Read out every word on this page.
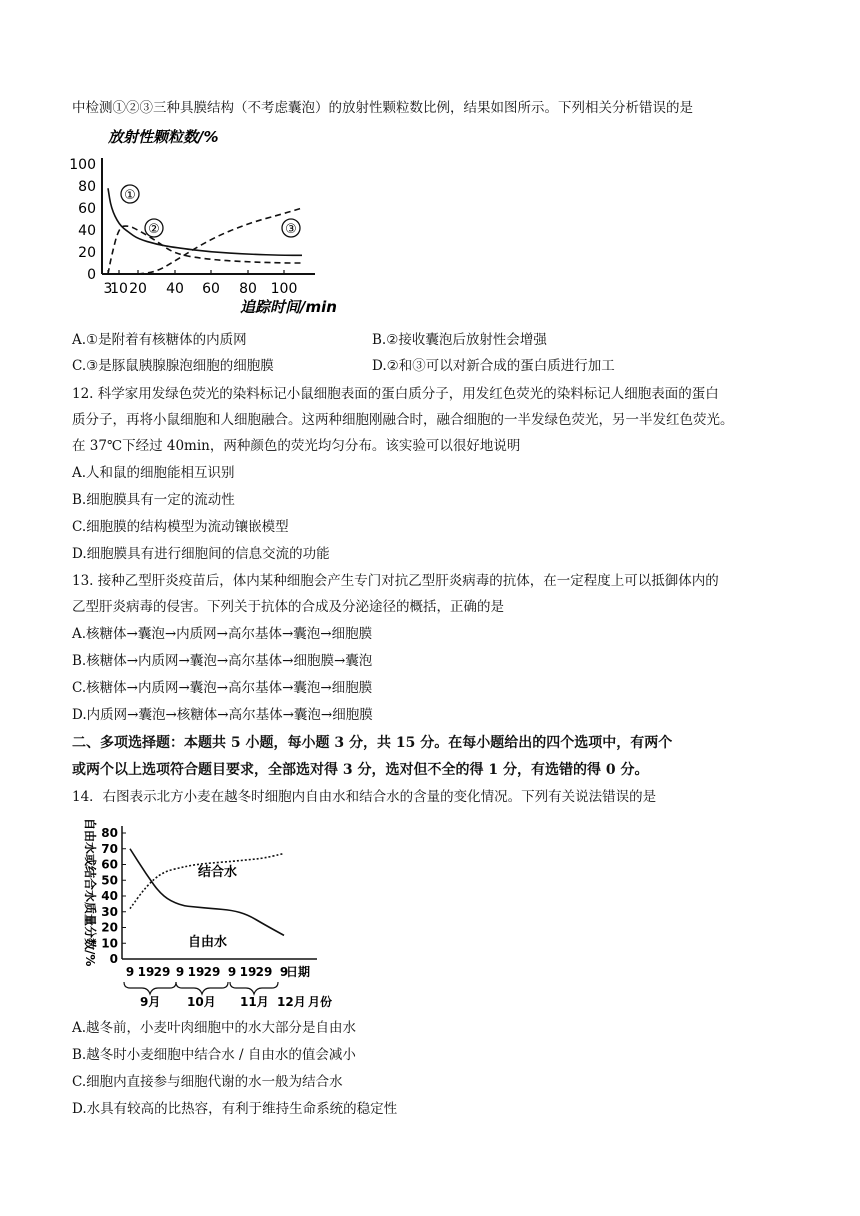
中检测①②③三种具膜结构（不考虑囊泡）的放射性颗粒数比例，结果如图所示。下列相关分析错误的是
放射性颗粒数/%
100
80
60
40
20
0
3
10 20 40 60 80 100
①
②	③
追踪时间/min
A.①是附着有核糖体的内质网	B.②接收囊泡后放射性会增强
C.③是豚鼠胰腺腺泡细胞的细胞膜	D.②和③可以对新合成的蛋白质进行加工
12. 科学家用发绿色荧光的染料标记小鼠细胞表面的蛋白质分子，用发红色荧光的染料标记人细胞表面的蛋白
质分子，再将小鼠细胞和人细胞融合。这两种细胞刚融合时，融合细胞的一半发绿色荧光，另一半发红色荧光。
在 37℃下经过 40min，两种颜色的荧光均匀分布。该实验可以很好地说明
A.人和鼠的细胞能相互识别
B.细胞膜具有一定的流动性
C.细胞膜的结构模型为流动镶嵌模型
D.细胞膜具有进行细胞间的信息交流的功能
13. 接种乙型肝炎疫苗后，体内某种细胞会产生专门对抗乙型肝炎病毒的抗体，在一定程度上可以抵御体内的
乙型肝炎病毒的侵害。下列关于抗体的合成及分泌途径的概括，正确的是
A.核糖体→囊泡→内质网→高尔基体→囊泡→细胞膜
B.核糖体→内质网→囊泡→高尔基体→细胞膜→囊泡
C.核糖体→内质网→囊泡→高尔基体→囊泡→细胞膜
D.内质网→囊泡→核糖体→高尔基体→囊泡→细胞膜
二、多项选择题：本题共 5 小题，每小题 3 分，共 15 分。在每小题给出的四个选项中，有两个
或两个以上选项符合题目要求，全部选对得 3 分，选对但不全的得 1 分，有选错的得 0 分。
14．右图表示北方小麦在越冬时细胞内自由水和结合水的含量的变化情况。下列有关说法错误的是
自由水或结合水质量分数/% 80
70
60
50
40
30
20
10
0
9 19 29 9 19 29 9 19 29 9
结合水
自由水
日期
9月 10月 11月 12月 月份
A.越冬前，小麦叶肉细胞中的水大部分是自由水
B.越冬时小麦细胞中结合水 / 自由水的值会减小
C.细胞内直接参与细胞代谢的水一般为结合水
D.水具有较高的比热容，有利于维持生命系统的稳定性
